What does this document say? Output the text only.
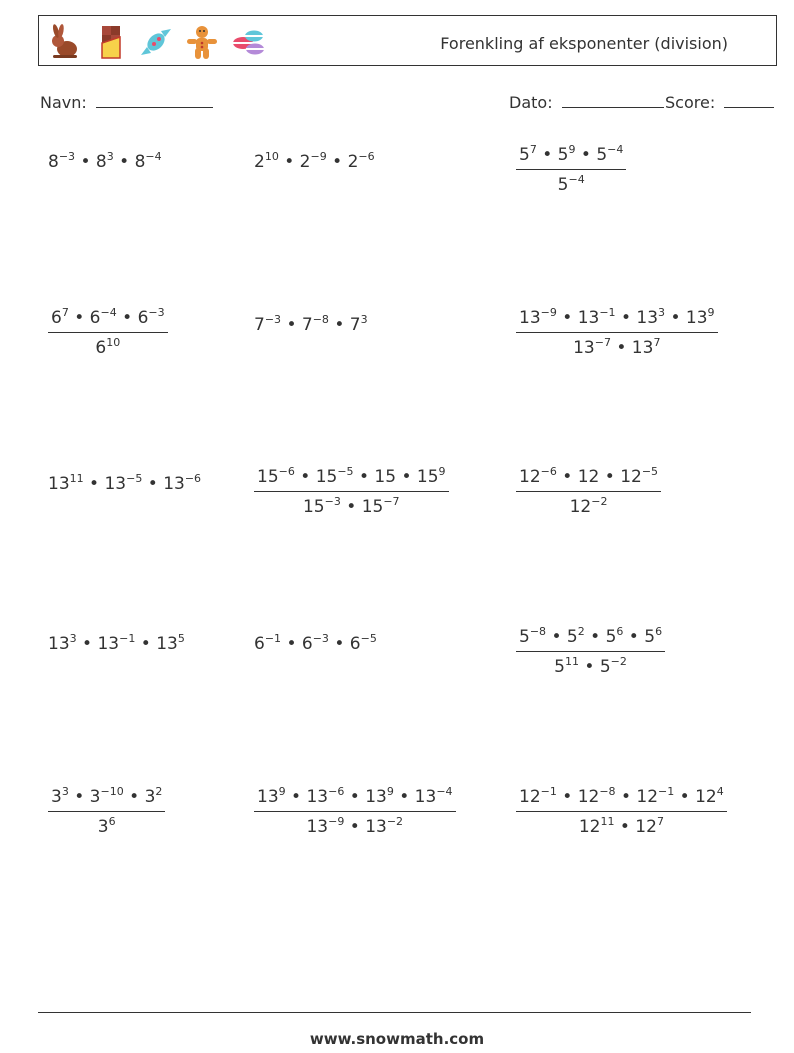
Forenkling af eksponenter (division)
Navn:	Dato:	Score:
$8^{-3}$ • $8^3$ • $8^{-4}$	$2^{10}$ • $2^{-9}$ • $2^{-6}$	$\frac{5^7 • 5^9 • 5^{-4}}{5^{-4}}$
$\frac{6^7 • 6^{-4} • 6^{-3}}{6^{10}}$	$7^{-3}$ • $7^{-8}$ • $7^3$	$\frac{13^{-9} • 13^{-1} • 13^3 • 13^9}{13^{-7} • 13^7}$
$13^{11}$ • $13^{-5}$ • $13^{-6}$	$\frac{15^{-6} • 15^{-5} • 15 • 15^9}{15^{-3} • 15^{-7}}$	$\frac{12^{-6} • 12 • 12^{-5}}{12^{-2}}$
$13^3$ • $13^{-1}$ • $13^5$	$6^{-1}$ • $6^{-3}$ • $6^{-5}$	$\frac{5^{-8} • 5^2 • 5^6 • 5^6}{5^{11} • 5^{-2}}$
$\frac{3^3 • 3^{-10} • 3^2}{3^6}$	$\frac{13^9 • 13^{-6} • 13^9 • 13^{-4}}{13^{-9} • 13^{-2}}$	$\frac{12^{-1} • 12^{-8} • 12^{-1} • 12^4}{12^{11} • 12^7}$
www.snowmath.com
